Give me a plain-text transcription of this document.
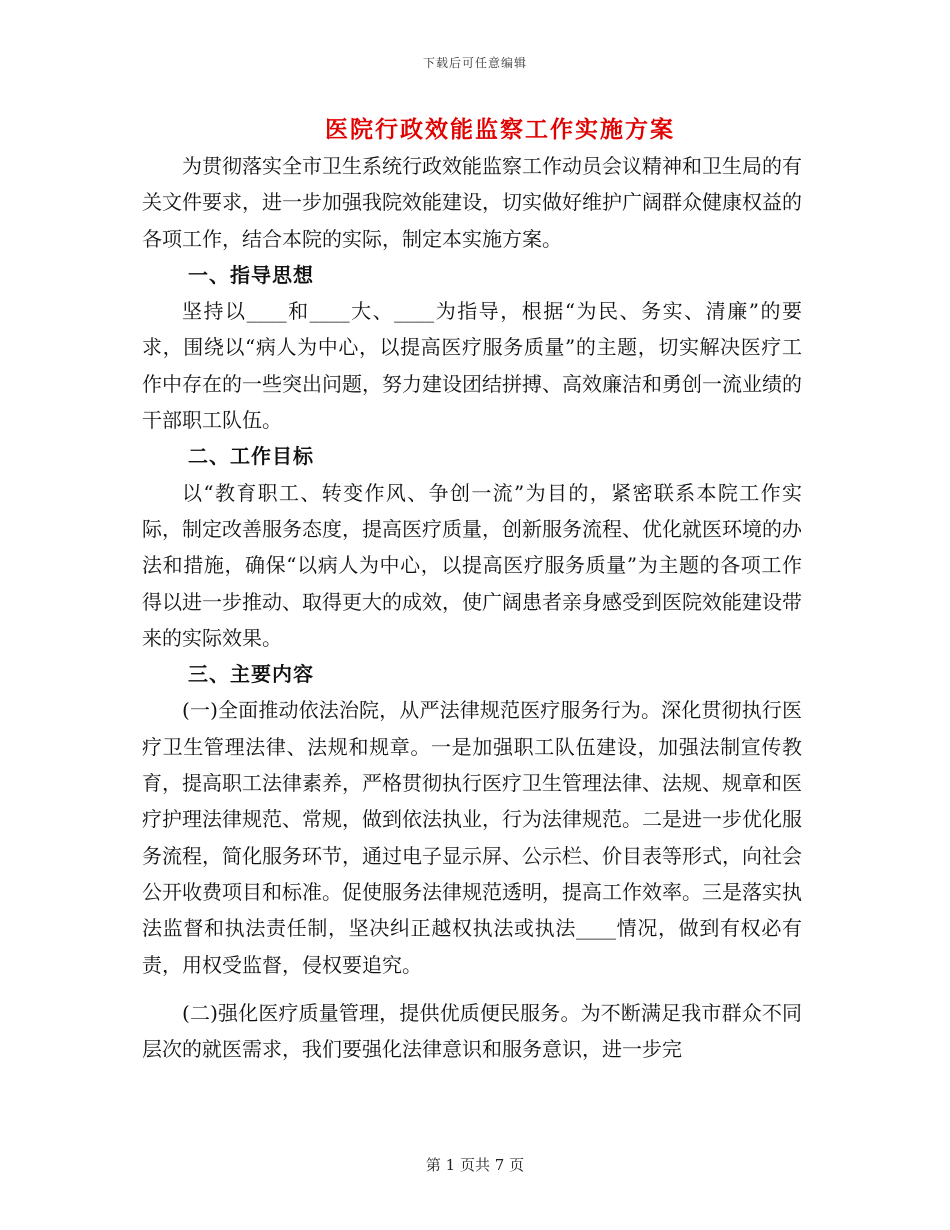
下载后可任意编辑
医院行政效能监察工作实施方案

为贯彻落实全市卫生系统行政效能监察工作动员会议精神和卫生局的有关文件要求，进一步加强我院效能建设，切实做好维护广阔群众健康权益的各项工作，结合本院的实际，制定本实施方案。

一、指导思想

坚持以____和____大、____为指导，根据“为民、务实、清廉”的要求，围绕以“病人为中心，以提高医疗服务质量”的主题，切实解决医疗工作中存在的一些突出问题，努力建设团结拼搏、高效廉洁和勇创一流业绩的干部职工队伍。

二、工作目标

以“教育职工、转变作风、争创一流”为目的，紧密联系本院工作实际，制定改善服务态度，提高医疗质量，创新服务流程、优化就医环境的办法和措施，确保“以病人为中心，以提高医疗服务质量”为主题的各项工作得以进一步推动、取得更大的成效，使广阔患者亲身感受到医院效能建设带来的实际效果。

三、主要内容

(一)全面推动依法治院，从严法律规范医疗服务行为。深化贯彻执行医疗卫生管理法律、法规和规章。一是加强职工队伍建设，加强法制宣传教育，提高职工法律素养，严格贯彻执行医疗卫生管理法律、法规、规章和医疗护理法律规范、常规，做到依法执业，行为法律规范。二是进一步优化服务流程，简化服务环节，通过电子显示屏、公示栏、价目表等形式，向社会公开收费项目和标准。促使服务法律规范透明，提高工作效率。三是落实执法监督和执法责任制，坚决纠正越权执法或执法____情况，做到有权必有责，用权受监督，侵权要追究。

(二)强化医疗质量管理，提供优质便民服务。为不断满足我市群众不同层次的就医需求，我们要强化法律意识和服务意识，进一步完

第 1 页共 7 页
